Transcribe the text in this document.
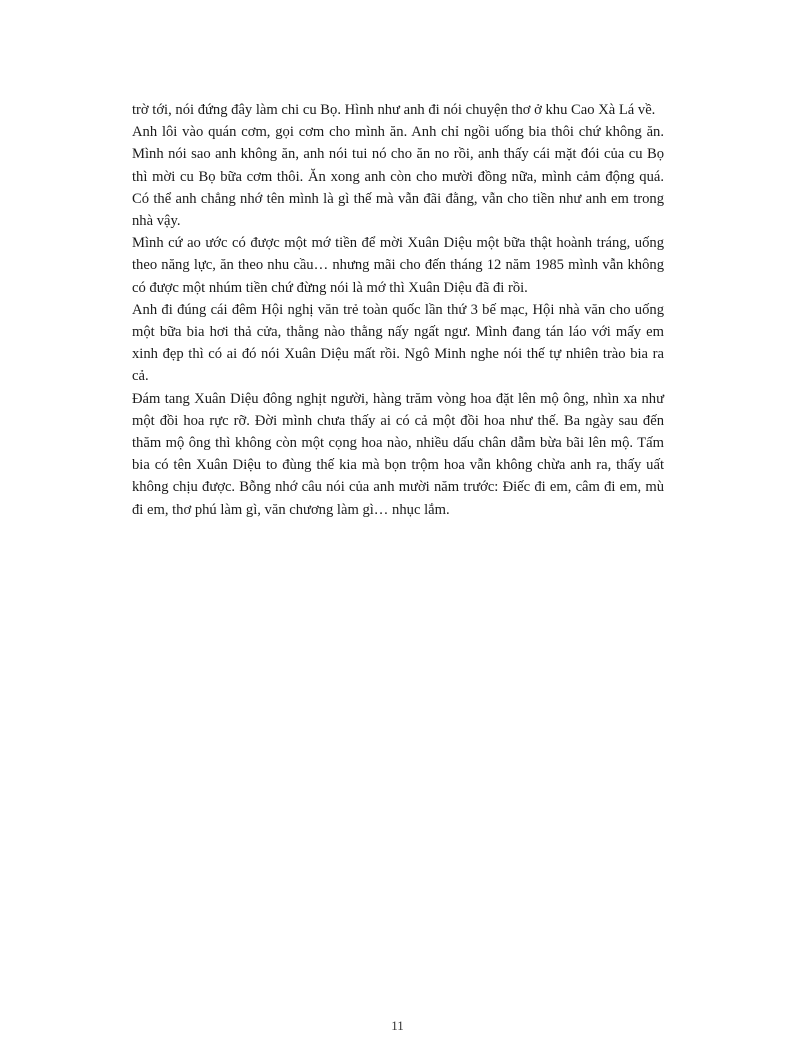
trờ tới, nói đứng đây làm chi cu Bọ. Hình như anh đi nói chuyện thơ ở khu Cao Xà Lá về.

Anh lôi vào quán cơm, gọi cơm cho mình ăn. Anh chỉ ngồi uống bia thôi chứ không ăn. Mình nói sao anh không ăn, anh nói tui nó cho ăn no rồi, anh thấy cái mặt đói của cu Bọ thì mời cu Bọ bữa cơm thôi. Ăn xong anh còn cho mười đồng nữa, mình cảm động quá. Có thể anh chẳng nhớ tên mình là gì thế mà vẫn đãi đằng, vẫn cho tiền như anh em trong nhà vậy.

Mình cứ ao ước có được một mớ tiền để mời Xuân Diệu một bữa thật hoành tráng, uống theo năng lực, ăn theo nhu cầu… nhưng mãi cho đến tháng 12 năm 1985 mình vẫn không có được một nhúm tiền chứ đừng nói là mớ thì Xuân Diệu đã đi rồi.

Anh đi đúng cái đêm Hội nghị văn trẻ toàn quốc lần thứ 3 bế mạc, Hội nhà văn cho uống một bữa bia hơi thả cửa, thằng nào thằng nấy ngất ngư. Mình đang tán láo với mấy em xinh đẹp thì có ai đó nói Xuân Diệu mất rồi. Ngô Minh nghe nói thế tự nhiên trào bia ra cả.

Đám tang Xuân Diệu đông nghịt người, hàng trăm vòng hoa đặt lên mộ ông, nhìn xa như một đồi hoa rực rỡ. Đời mình chưa thấy ai có cả một đồi hoa như thế. Ba ngày sau đến thăm mộ ông thì không còn một cọng hoa nào, nhiều dấu chân dẫm bừa bãi lên mộ. Tấm bia có tên Xuân Diệu to đùng thế kia mà bọn trộm hoa vẫn không chừa anh ra, thấy uất không chịu được. Bỗng nhớ câu nói của anh mười năm trước: Điếc đi em, câm đi em, mù đi em, thơ phú làm gì, văn chương làm gì… nhục lắm.

11
